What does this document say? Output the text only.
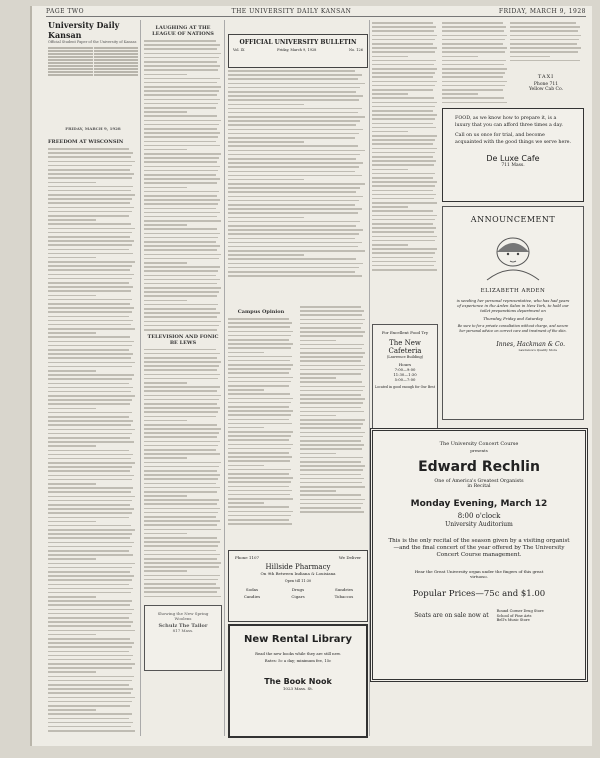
PAGE TWO	THE UNIVERSITY DAILY KANSAN	FRIDAY, MARCH 9, 1928
University Daily Kansan
Official Student Paper of the University of Kansas
FRIDAY, MARCH 9, 1928
FREEDOM AT WISCONSIN
LAUGHING AT THE LEAGUE OF NATIONS
TELEVISION AND FONIC BE LEWS
Showing the New Spring
Woolens
Schulz The Tailor
817 Mass.
OFFICIAL UNIVERSITY BULLETIN
Vol. IX	Friday, March 9, 1928	No. 126
Campus Opinion
Phone 1107	We Deliver
Hillside Pharmacy
On 9th Between Indiana & Louisiana
Open till 11:30
Sodas	Drugs	Sundries
Candies	Cigars	Tobaccos
New Rental Library
Read the new books while they are still new.
Rates: 5c a day; minimum fee, 15c
The Book Nook
1023 Mass. St.
For Excellent Food Try
The New Cafeteria
(Lawrence Building)
Hours
7:00—9:00
11:30—1:30
5:00—7:00
Located in good enough for Our Best
TAXI
Phone 711
Yellow Cab Co.
FOOD, as we know how to prepare it, is a luxury that you can afford three times a day.
Call on us once for trial, and become acquainted with the good things we serve here.
De Luxe Cafe
711 Mass.
ANNOUNCEMENT
ELIZABETH ARDEN
is sending her personal representative, who has had years of experience in the Arden Salon in New York, to hold our toilet preparations department on
Thursday, Friday and Saturday
Be sure to for a private consultation without charge, and secure her personal advice on correct care and treatment of the skin.
Innes, Hackman & Co.
Lawrence's Quality Store
The University Concert Course
presents
Edward Rechlin
One of America's Greatest Organists
in Recital
Monday Evening, March 12
8:00 o'clock
University Auditorium
This is the only recital of the season given by a visiting organist—and the final concert of the year offered by The University Concert Course management.
Hear the Great University organ under the fingers of this great virtuoso.
Popular Prices—75c and $1.00
Seats are on sale now at
Round Corner Drug Store
School of Fine Arts
Bell's Music Store
